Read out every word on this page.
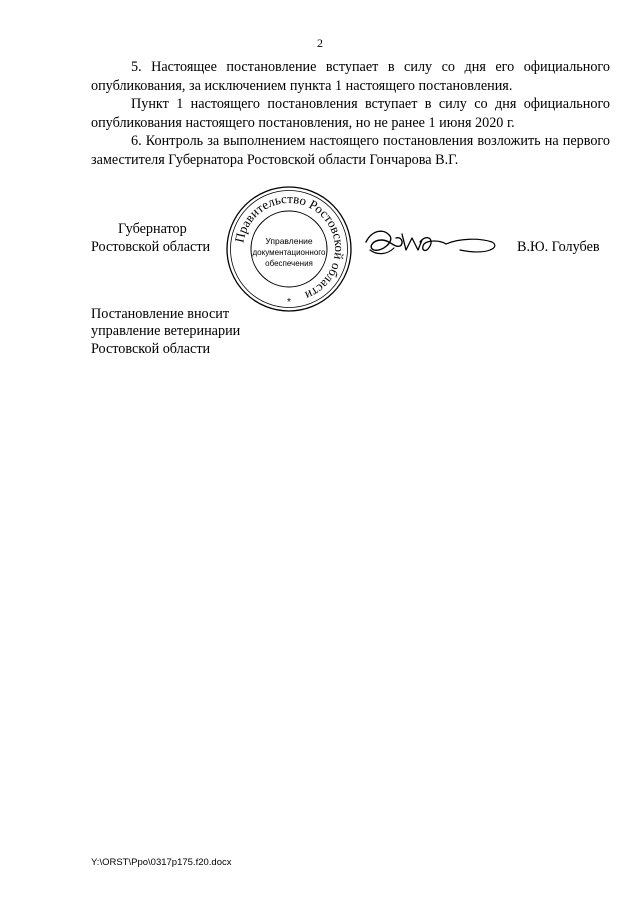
2

5. Настоящее постановление вступает в силу со дня его официального опубликования, за исключением пункта 1 настоящего постановления.

Пункт 1 настоящего постановления вступает в силу со дня официального опубликования настоящего постановления, но не ранее 1 июня 2020 г.

6. Контроль за выполнением настоящего постановления возложить на первого заместителя Губернатора Ростовской области Гончарова В.Г.

Губернатор
Ростовской области
Правительство Ростовской области
Управление
документационного
обеспечения
*
В.Ю. Голубев
Постановление вносит
управление ветеринарии
Ростовской области
Y:\ORST\Ppo\0317p175.f20.docx
